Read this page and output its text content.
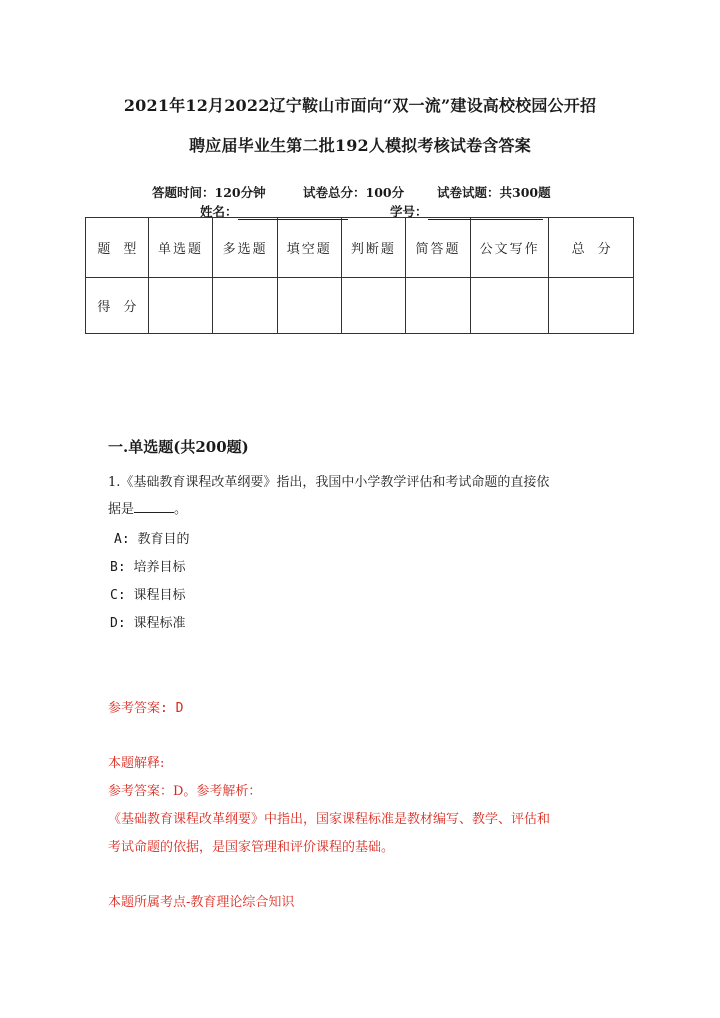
2021年12月2022辽宁鞍山市面向“双一流”建设高校校园公开招
聘应届毕业生第二批192人模拟考核试卷含答案
答题时间：120分钟	试卷总分：100分	试卷试题：共300题
姓名：	学号：
题　型	单选题	多选题	填空题	判断题	简答题	公文写作	总　分
得　分							
一.单选题(共200题)
1.《基础教育课程改革纲要》指出，我国中小学教学评估和考试命题的直接依
据是	。
A: 教育目的
B: 培养目标
C: 课程目标
D: 课程标准
参考答案: D
本题解释:
参考答案：D。参考解析：
《基础教育课程改革纲要》中指出，国家课程标准是教材编写、教学、评估和
考试命题的依据，是国家管理和评价课程的基础。
本题所属考点-教育理论综合知识
